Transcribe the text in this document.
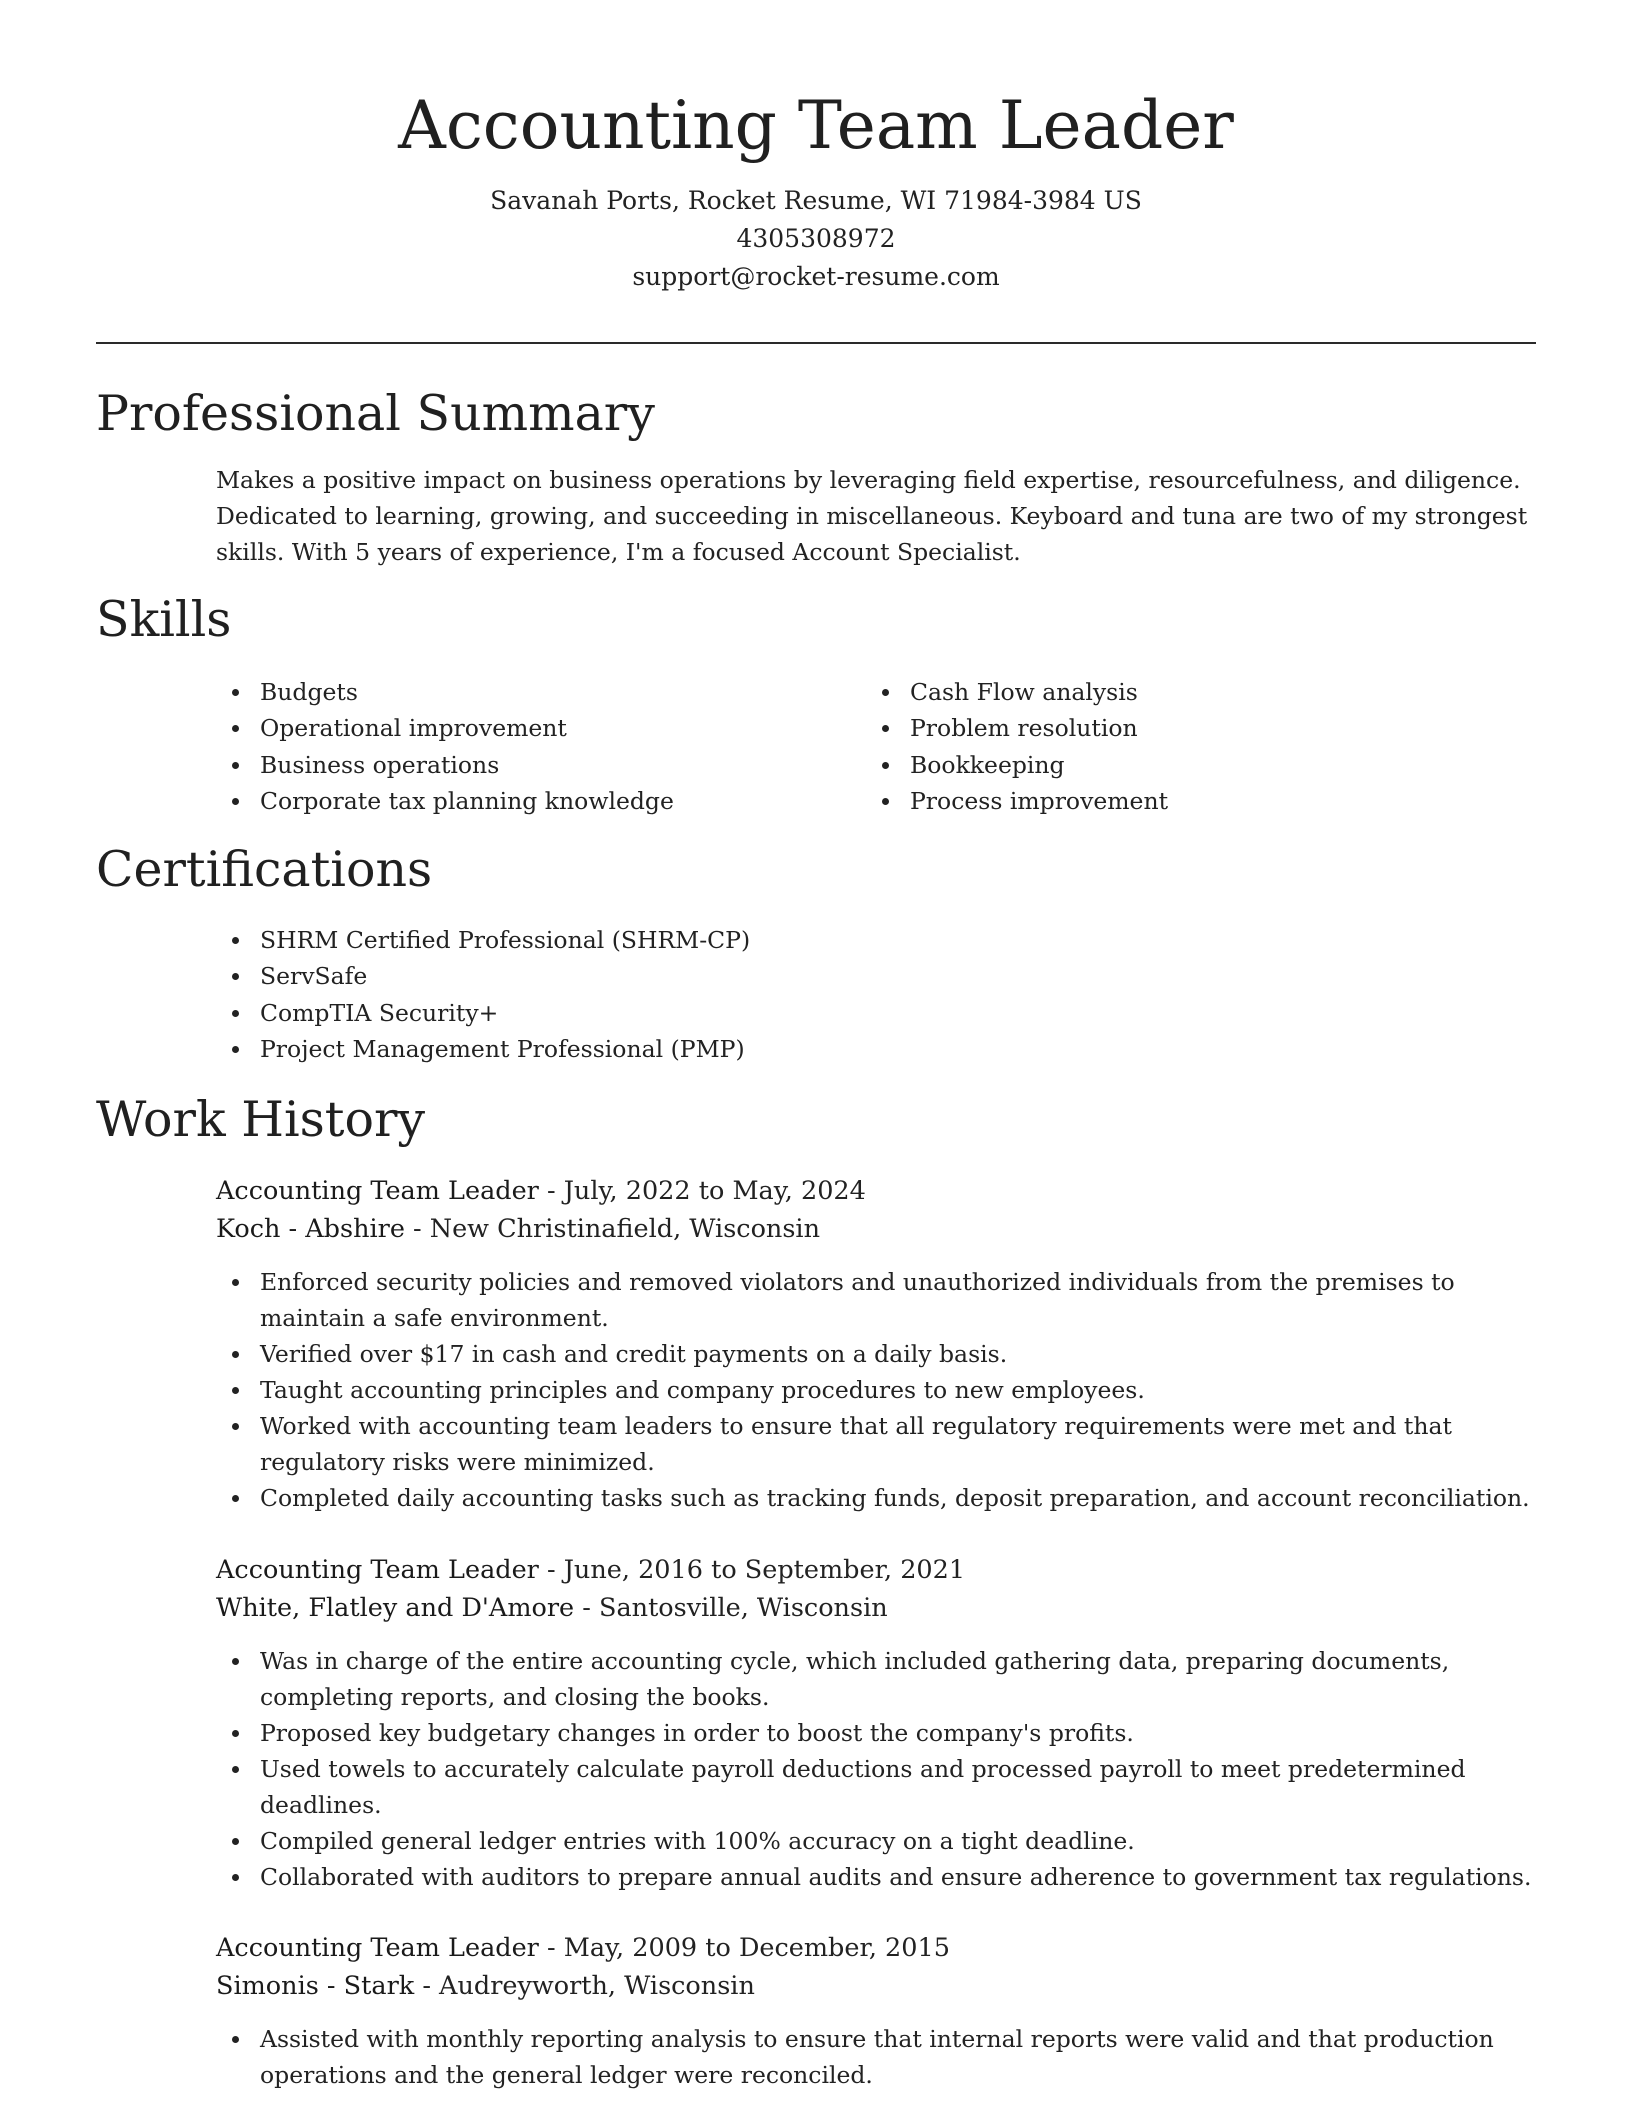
Accounting Team Leader
Savanah Ports, Rocket Resume, WI 71984-3984 US
4305308972
support@rocket-resume.com
Professional Summary

Makes a positive impact on business operations by leveraging field expertise, resourcefulness, and diligence. Dedicated to learning, growing, and succeeding in miscellaneous. Keyboard and tuna are two of my strongest skills. With 5 years of experience, I'm a focused Account Specialist.

Skills
Budgets
Operational improvement
Business operations
Corporate tax planning knowledge
Cash Flow analysis
Problem resolution
Bookkeeping
Process improvement
Certifications
SHRM Certified Professional (SHRM-CP)
ServSafe
CompTIA Security+
Project Management Professional (PMP)
Work History

Accounting Team Leader - July, 2022 to May, 2024

Koch - Abshire - New Christinafield, Wisconsin

Enforced security policies and removed violators and unauthorized individuals from the premises to maintain a safe environment.
Verified over $17 in cash and credit payments on a daily basis.
Taught accounting principles and company procedures to new employees.
Worked with accounting team leaders to ensure that all regulatory requirements were met and that regulatory risks were minimized.
Completed daily accounting tasks such as tracking funds, deposit preparation, and account reconciliation.

Accounting Team Leader - June, 2016 to September, 2021

White, Flatley and D'Amore - Santosville, Wisconsin

Was in charge of the entire accounting cycle, which included gathering data, preparing documents, completing reports, and closing the books.
Proposed key budgetary changes in order to boost the company's profits.
Used towels to accurately calculate payroll deductions and processed payroll to meet predetermined deadlines.
Compiled general ledger entries with 100% accuracy on a tight deadline.
Collaborated with auditors to prepare annual audits and ensure adherence to government tax regulations.

Accounting Team Leader - May, 2009 to December, 2015

Simonis - Stark - Audreyworth, Wisconsin

Assisted with monthly reporting analysis to ensure that internal reports were valid and that production operations and the general ledger were reconciled.
